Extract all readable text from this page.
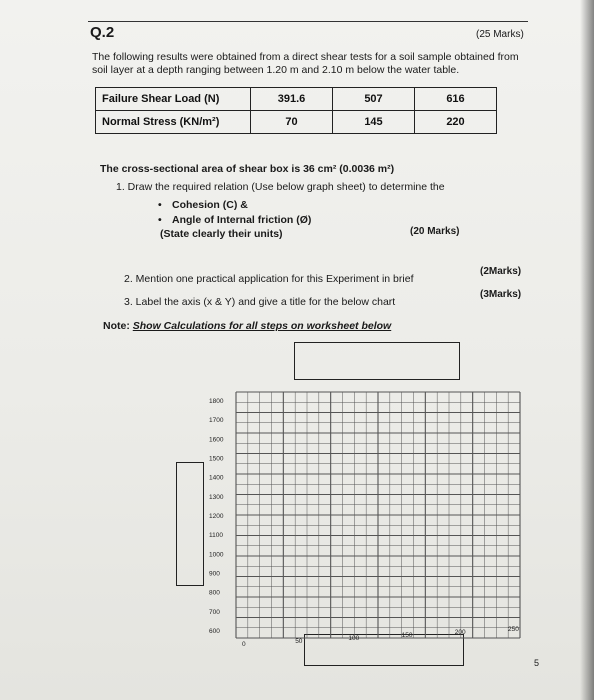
Q.2	(25 Marks)
The following results were obtained from a direct shear tests for a soil sample obtained from soil layer at a depth ranging between 1.20 m and 2.10 m below the water table.
Failure Shear Load (N)	391.6	507	616
Normal Stress (KN/m²)	70	145	220
The cross-sectional area of shear box is 36 cm² (0.0036 m²)
1. Draw the required relation (Use below graph sheet) to determine the
• Cohesion (C) &
• Angle of Internal friction (Ø)
(State clearly their units)	(20 Marks)
2. Mention one practical application for this Experiment in brief
(2Marks)
3. Label the axis (x & Y) and give a title for the below chart
(3Marks)
Note: Show Calculations for all steps on worksheet below
1800
1700
1600
1500
1400
1300
1200
1100
1000
900
800
700
600
0	50	100	150	200	250
5
